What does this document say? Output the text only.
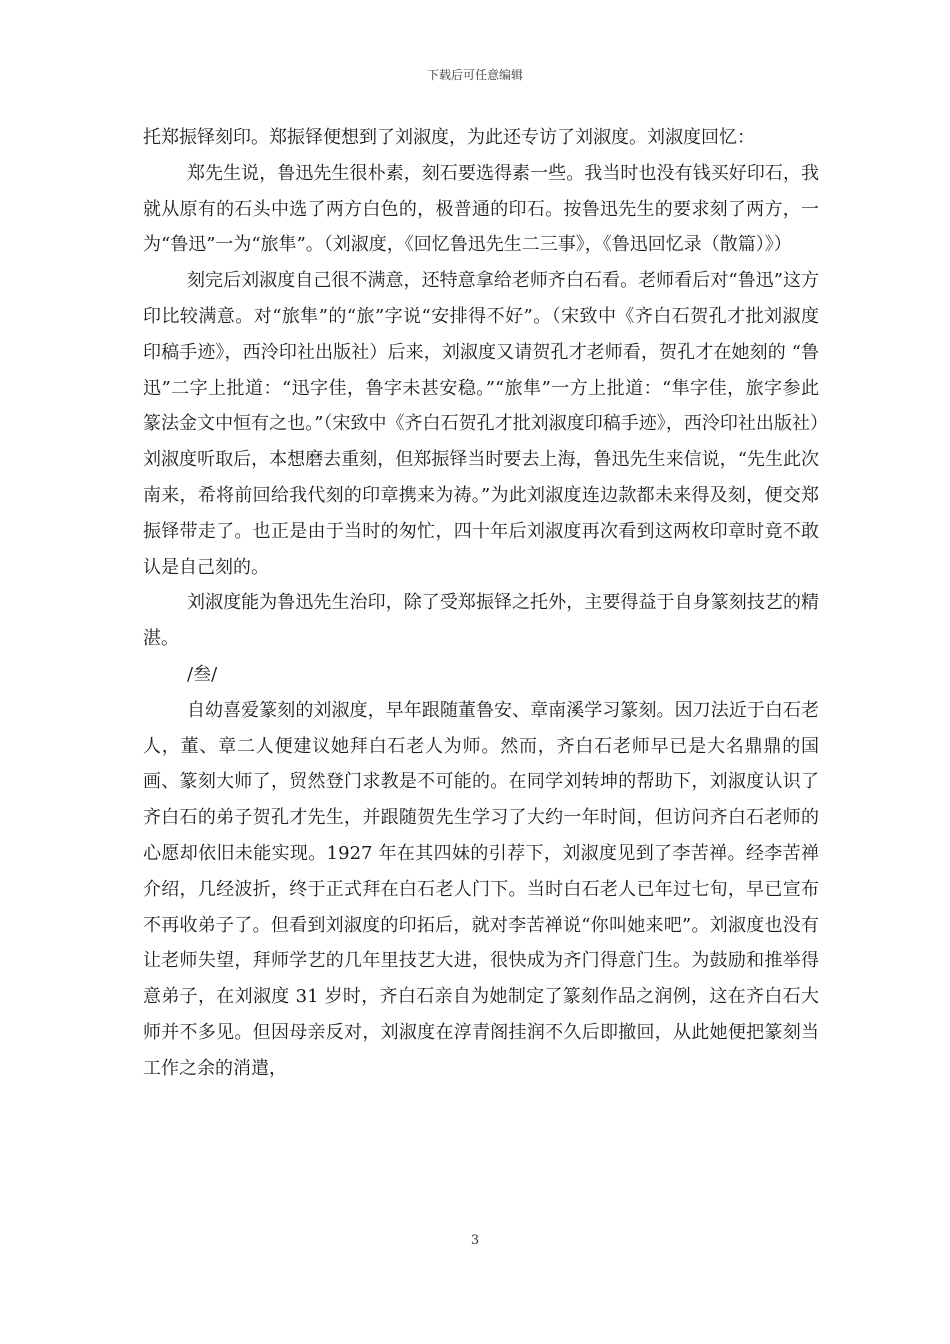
下载后可任意编辑

托郑振铎刻印。郑振铎便想到了刘淑度，为此还专访了刘淑度。刘淑度回忆：

郑先生说，鲁迅先生很朴素，刻石要选得素一些。我当时也没有钱买好印石，我就从原有的石头中选了两方白色的，极普通的印石。按鲁迅先生的要求刻了两方，一为“鲁迅”一为“旅隼”。（刘淑度，《回忆鲁迅先生二三事》，《鲁迅回忆录（散篇）》）

刻完后刘淑度自己很不满意，还特意拿给老师齐白石看。老师看后对“鲁迅”这方印比较满意。对“旅隼”的“旅”字说“安排得不好”。（宋致中《齐白石贺孔才批刘淑度印稿手迹》，西泠印社出版社）后来，刘淑度又请贺孔才老师看，贺孔才在她刻的 “鲁迅”二字上批道：“迅字佳，鲁字未甚安稳。”“旅隼”一方上批道：“隼字佳，旅字参此篆法金文中恒有之也。”（宋致中《齐白石贺孔才批刘淑度印稿手迹》，西泠印社出版社）刘淑度听取后，本想磨去重刻，但郑振铎当时要去上海，鲁迅先生来信说，“先生此次南来，希将前回给我代刻的印章携来为祷。”为此刘淑度连边款都未来得及刻，便交郑振铎带走了。也正是由于当时的匆忙，四十年后刘淑度再次看到这两枚印章时竟不敢认是自己刻的。

刘淑度能为鲁迅先生治印，除了受郑振铎之托外，主要得益于自身篆刻技艺的精湛。

/叁/

自幼喜爱篆刻的刘淑度，早年跟随董鲁安、章南溪学习篆刻。因刀法近于白石老人，董、章二人便建议她拜白石老人为师。然而，齐白石老师早已是大名鼎鼎的国画、篆刻大师了，贸然登门求教是不可能的。在同学刘转坤的帮助下，刘淑度认识了齐白石的弟子贺孔才先生，并跟随贺先生学习了大约一年时间，但访问齐白石老师的心愿却依旧未能实现。1927 年在其四妹的引荐下，刘淑度见到了李苦禅。经李苦禅介绍，几经波折，终于正式拜在白石老人门下。当时白石老人已年过七旬，早已宣布不再收弟子了。但看到刘淑度的印拓后，就对李苦禅说“你叫她来吧”。刘淑度也没有让老师失望，拜师学艺的几年里技艺大进，很快成为齐门得意门生。为鼓励和推举得意弟子，在刘淑度 31 岁时，齐白石亲自为她制定了篆刻作品之润例，这在齐白石大师并不多见。但因母亲反对，刘淑度在淳青阁挂润不久后即撤回，从此她便把篆刻当工作之余的消遣，

3
